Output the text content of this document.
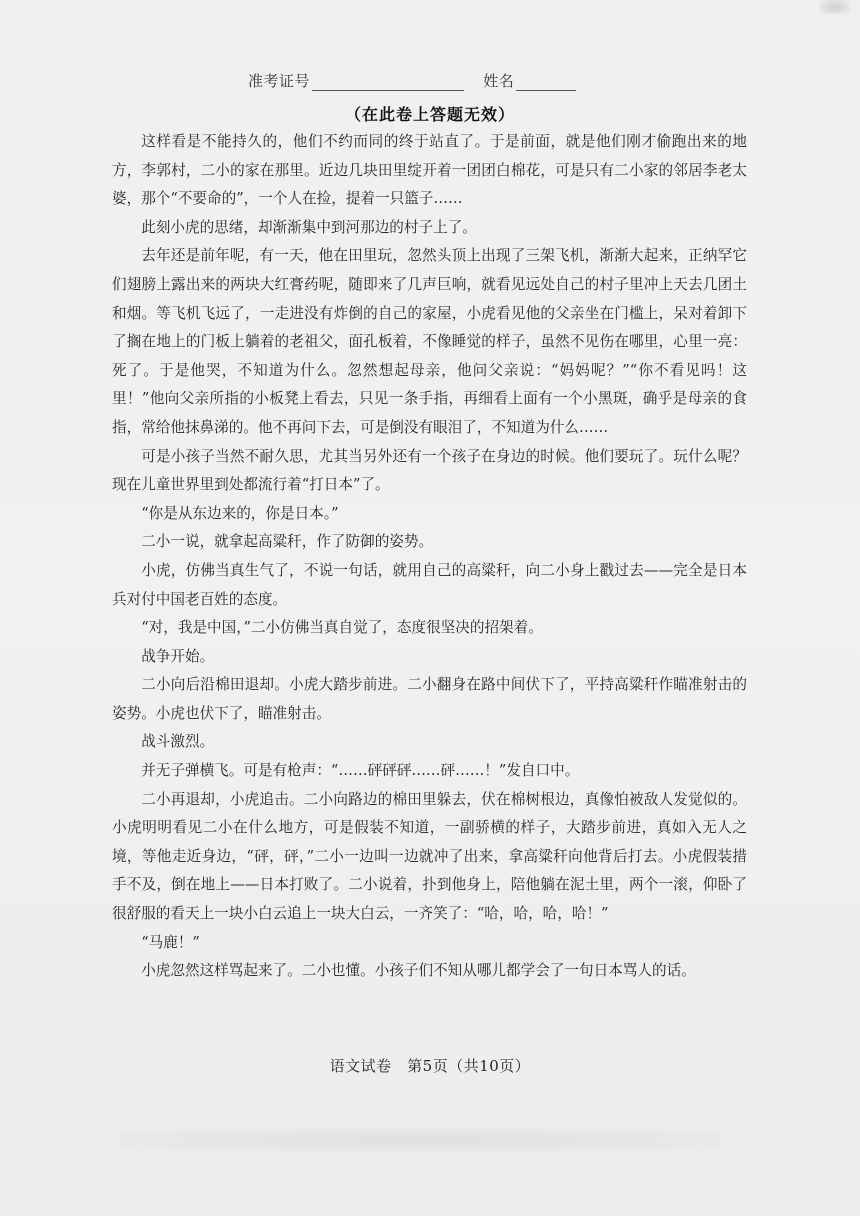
准考证号	姓名
（在此卷上答题无效）

这样看是不能持久的，他们不约而同的终于站直了。于是前面，就是他们刚才偷跑出来的地方，李郭村，二小的家在那里。近边几块田里绽开着一团团白棉花，可是只有二小家的邻居李老太婆，那个“不要命的”，一个人在捡，提着一只篮子……

此刻小虎的思绪，却渐渐集中到河那边的村子上了。

去年还是前年呢，有一天，他在田里玩，忽然头顶上出现了三架飞机，渐渐大起来，正纳罕它们翅膀上露出来的两块大红膏药呢，随即来了几声巨响，就看见远处自己的村子里冲上天去几团土和烟。等飞机飞远了，一走进没有炸倒的自己的家屋，小虎看见他的父亲坐在门槛上，呆对着卸下了搁在地上的门板上躺着的老祖父，面孔板着，不像睡觉的样子，虽然不见伤在哪里，心里一亮：死了。于是他哭，不知道为什么。忽然想起母亲，他问父亲说：“妈妈呢？”“你不看见吗！这里！”他向父亲所指的小板凳上看去，只见一条手指，再细看上面有一个小黑斑，确乎是母亲的食指，常给他抹鼻涕的。他不再问下去，可是倒没有眼泪了，不知道为什么……

可是小孩子当然不耐久思，尤其当另外还有一个孩子在身边的时候。他们要玩了。玩什么呢？现在儿童世界里到处都流行着“打日本”了。

“你是从东边来的，你是日本。”

二小一说，就拿起高粱秆，作了防御的姿势。

小虎，仿佛当真生气了，不说一句话，就用自己的高粱秆，向二小身上戳过去——完全是日本兵对付中国老百姓的态度。

“对，我是中国，”二小仿佛当真自觉了，态度很坚决的招架着。

战争开始。

二小向后沿棉田退却。小虎大踏步前进。二小翻身在路中间伏下了，平持高粱秆作瞄准射击的姿势。小虎也伏下了，瞄准射击。

战斗激烈。

并无子弹横飞。可是有枪声：“……砰砰砰……砰……！”发自口中。

二小再退却，小虎追击。二小向路边的棉田里躲去，伏在棉树根边，真像怕被敌人发觉似的。小虎明明看见二小在什么地方，可是假装不知道，一副骄横的样子，大踏步前进，真如入无人之境，等他走近身边，“砰，砰，”二小一边叫一边就冲了出来，拿高粱秆向他背后打去。小虎假装措手不及，倒在地上——日本打败了。二小说着，扑到他身上，陪他躺在泥土里，两个一滚，仰卧了很舒服的看天上一块小白云追上一块大白云，一齐笑了：“哈，哈，哈，哈！”

“马鹿！”

小虎忽然这样骂起来了。二小也懂。小孩子们不知从哪儿都学会了一句日本骂人的话。

语文试卷　第5页（共10页）
